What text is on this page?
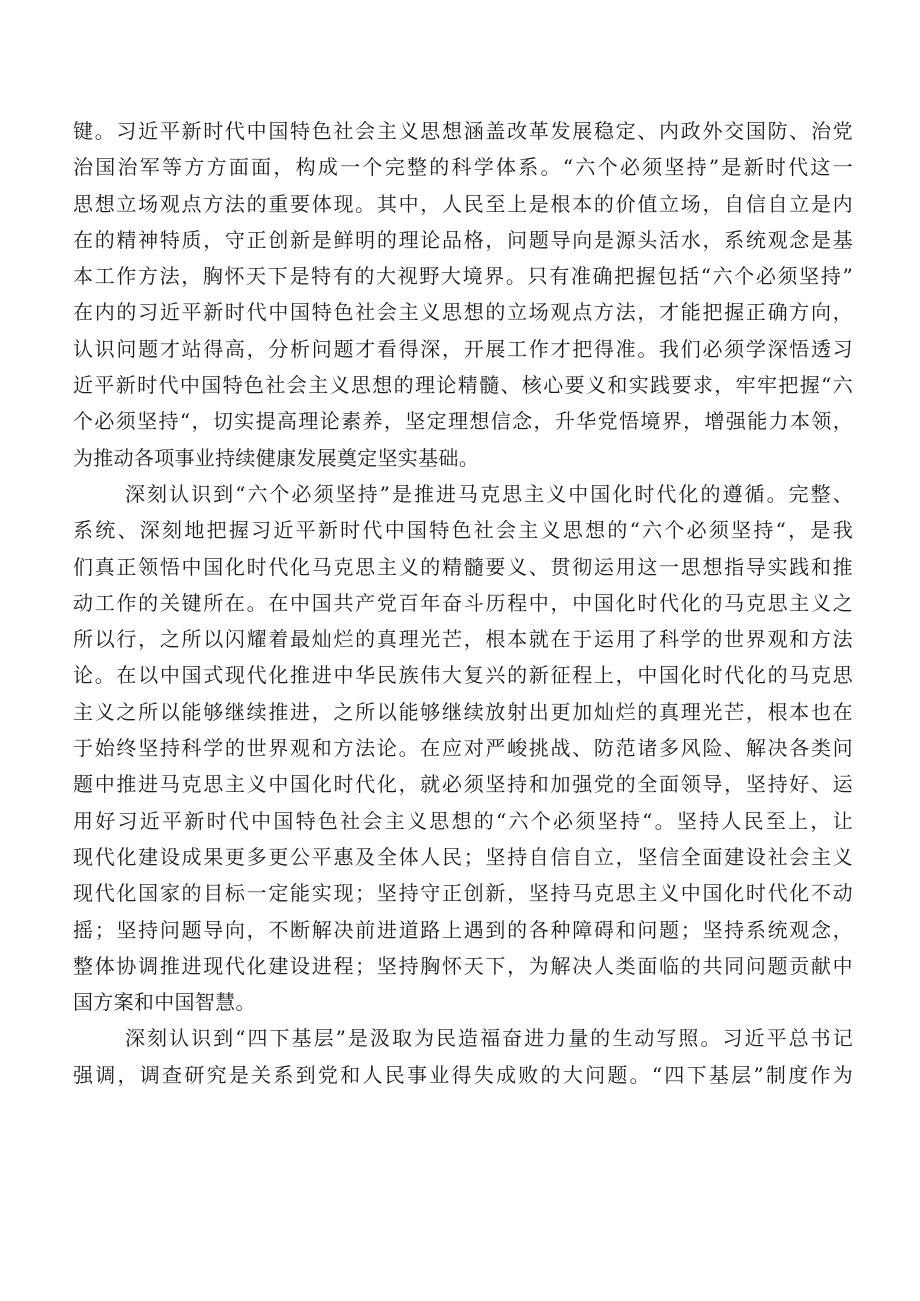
键。习近平新时代中国特色社会主义思想涵盖改革发展稳定、内政外交国防、治党
治国治军等方方面面，构成一个完整的科学体系。“六个必须坚持”是新时代这一
思想立场观点方法的重要体现。其中，人民至上是根本的价值立场，自信自立是内
在的精神特质，守正创新是鲜明的理论品格，问题导向是源头活水，系统观念是基
本工作方法，胸怀天下是特有的大视野大境界。只有准确把握包括“六个必须坚持”
在内的习近平新时代中国特色社会主义思想的立场观点方法，才能把握正确方向，
认识问题才站得高，分析问题才看得深，开展工作才把得准。我们必须学深悟透习
近平新时代中国特色社会主义思想的理论精髓、核心要义和实践要求，牢牢把握“六
个必须坚持“，切实提高理论素养，坚定理想信念，升华党悟境界，增强能力本领，
为推动各项事业持续健康发展奠定坚实基础。
深刻认识到“六个必须坚持”是推进马克思主义中国化时代化的遵循。完整、
系统、深刻地把握习近平新时代中国特色社会主义思想的“六个必须坚持“，是我
们真正领悟中国化时代化马克思主义的精髓要义、贯彻运用这一思想指导实践和推
动工作的关键所在。在中国共产党百年奋斗历程中，中国化时代化的马克思主义之
所以行，之所以闪耀着最灿烂的真理光芒，根本就在于运用了科学的世界观和方法
论。在以中国式现代化推进中华民族伟大复兴的新征程上，中国化时代化的马克思
主义之所以能够继续推进，之所以能够继续放射出更加灿烂的真理光芒，根本也在
于始终坚持科学的世界观和方法论。在应对严峻挑战、防范诸多风险、解决各类问
题中推进马克思主义中国化时代化，就必须坚持和加强党的全面领导，坚持好、运
用好习近平新时代中国特色社会主义思想的“六个必须坚持“。坚持人民至上，让
现代化建设成果更多更公平惠及全体人民；坚持自信自立，坚信全面建设社会主义
现代化国家的目标一定能实现；坚持守正创新，坚持马克思主义中国化时代化不动
摇；坚持问题导向，不断解决前进道路上遇到的各种障碍和问题；坚持系统观念，
整体协调推进现代化建设进程；坚持胸怀天下，为解决人类面临的共同问题贡献中
国方案和中国智慧。
深刻认识到“四下基层”是汲取为民造福奋进力量的生动写照。习近平总书记
强调，调查研究是关系到党和人民事业得失成败的大问题。“四下基层”制度作为
